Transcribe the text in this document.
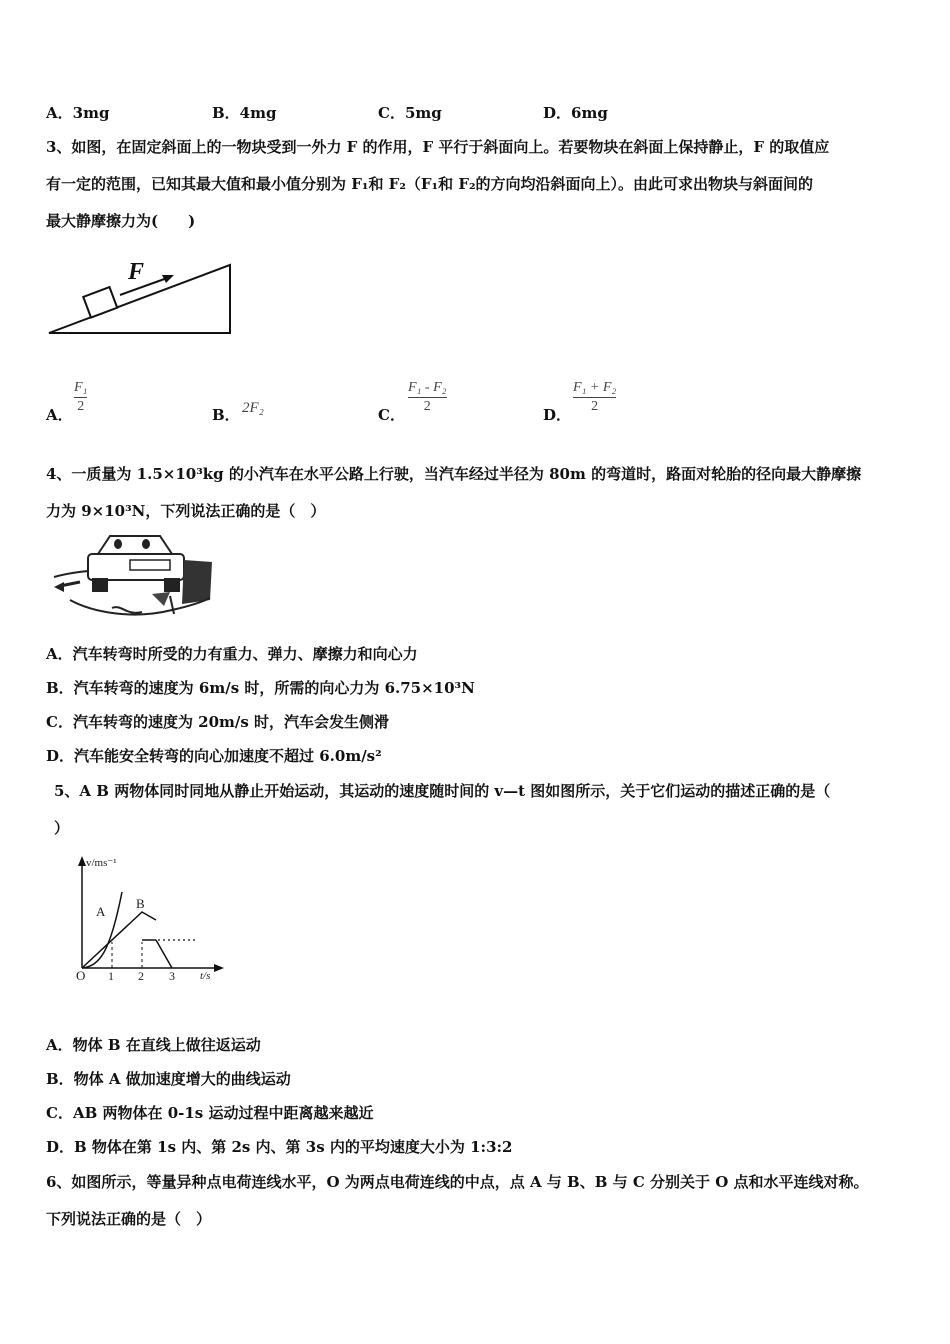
A．3mg	B．4mg	C．5mg	D．6mg
3、如图，在固定斜面上的一物块受到一外力 F 的作用，F 平行于斜面向上。若要物块在斜面上保持静止，F 的取值应
有一定的范围，已知其最大值和最小值分别为 F₁和 F₂（F₁和 F₂的方向均沿斜面向上）。由此可求出物块与斜面间的
最大静摩擦力为(　　)
F
A．
F₁
2	B． 2F₂	C．
F₁ - F₂
2	D．
F₁ + F₂
2
4、一质量为 1.5×10³kg 的小汽车在水平公路上行驶，当汽车经过半径为 80m 的弯道时，路面对轮胎的径向最大静摩擦
力为 9×10³N，下列说法正确的是（　）
A．汽车转弯时所受的力有重力、弹力、摩擦力和向心力
B．汽车转弯的速度为 6m/s 时，所需的向心力为 6.75×10³N
C．汽车转弯的速度为 20m/s 时，汽车会发生侧滑
D．汽车能安全转弯的向心加速度不超过 6.0m/s²
5、A B 两物体同时同地从静止开始运动，其运动的速度随时间的 v—t 图如图所示，关于它们运动的描述正确的是（
）
v/ms⁻¹
t/s
O 1 2 3
A
B
A．物体 B 在直线上做往返运动
B．物体 A 做加速度增大的曲线运动
C．AB 两物体在 0-1s 运动过程中距离越来越近
D．B 物体在第 1s 内、第 2s 内、第 3s 内的平均速度大小为 1:3:2
6、如图所示，等量异种点电荷连线水平，O 为两点电荷连线的中点，点 A 与 B、B 与 C 分别关于 O 点和水平连线对称。
下列说法正确的是（　）
